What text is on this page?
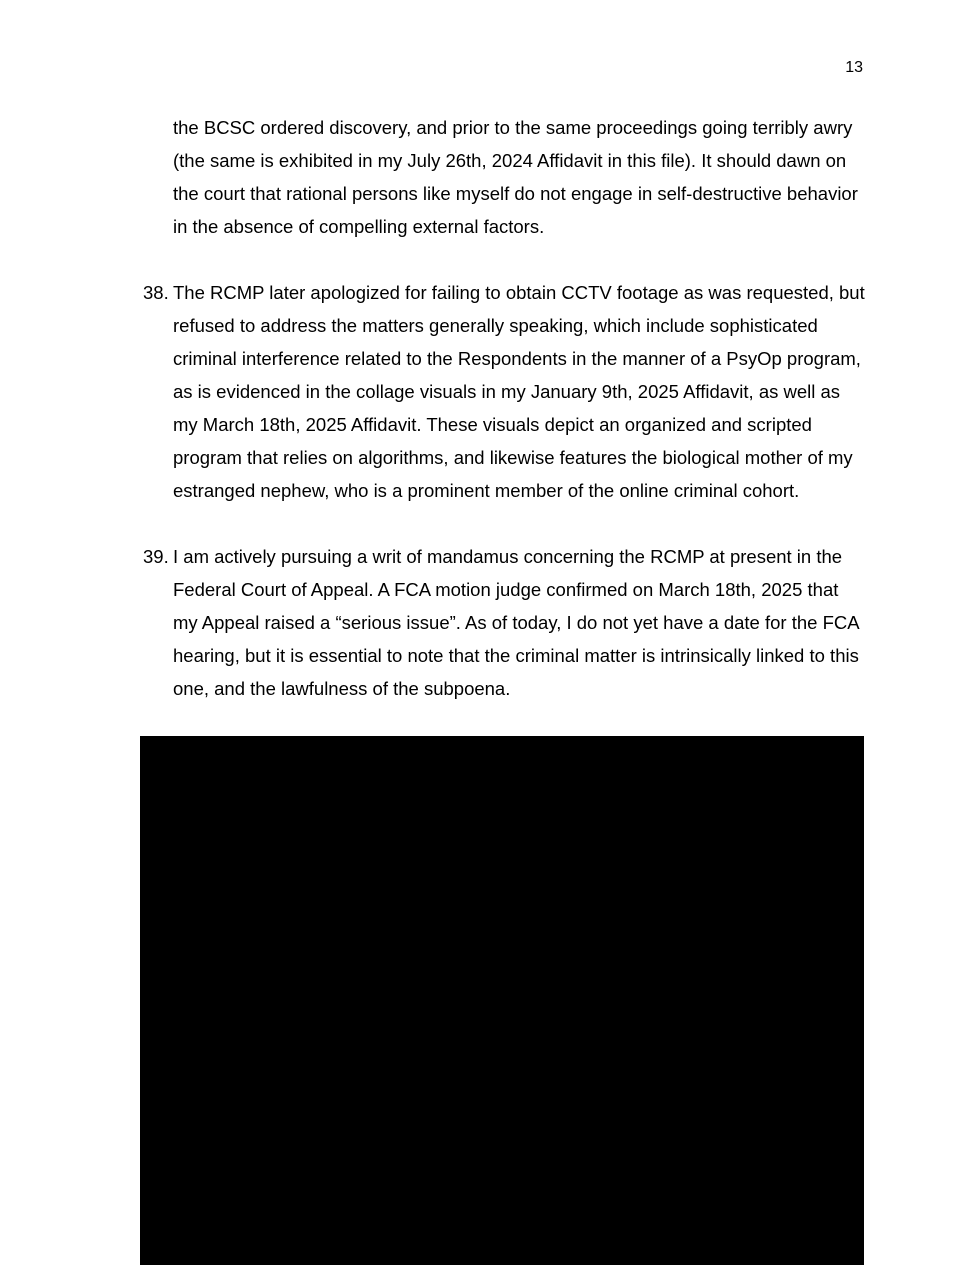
13

the BCSC ordered discovery, and prior to the same proceedings going terribly awry (the same is exhibited in my July 26th, 2024 Affidavit in this file). It should dawn on the court that rational persons like myself do not engage in self-destructive behavior in the absence of compelling external factors.

38. The RCMP later apologized for failing to obtain CCTV footage as was requested, but refused to address the matters generally speaking, which include sophisticated criminal interference related to the Respondents in the manner of a PsyOp program, as is evidenced in the collage visuals in my January 9th, 2025 Affidavit, as well as my March 18th, 2025 Affidavit. These visuals depict an organized and scripted program that relies on algorithms, and likewise features the biological mother of my estranged nephew, who is a prominent member of the online criminal cohort.

39. I am actively pursuing a writ of mandamus concerning the RCMP at present in the Federal Court of Appeal. A FCA motion judge confirmed on March 18th, 2025 that my Appeal raised a “serious issue”. As of today, I do not yet have a date for the FCA hearing, but it is essential to note that the criminal matter is intrinsically linked to this one, and the lawfulness of the subpoena.
